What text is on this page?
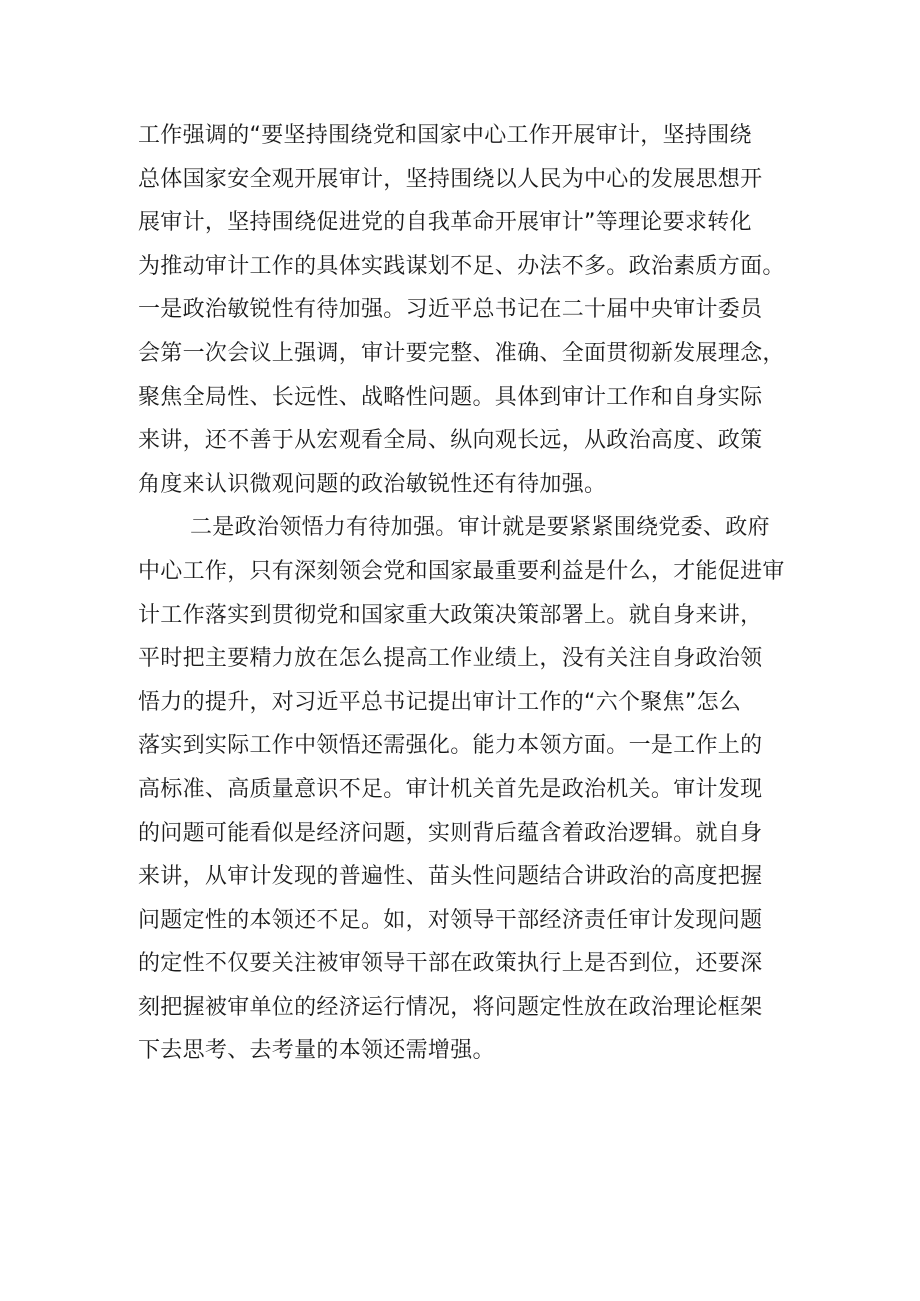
工作强调的“要坚持围绕党和国家中心工作开展审计，坚持围绕
总体国家安全观开展审计，坚持围绕以人民为中心的发展思想开
展审计，坚持围绕促进党的自我革命开展审计”等理论要求转化
为推动审计工作的具体实践谋划不足、办法不多。政治素质方面。
一是政治敏锐性有待加强。习近平总书记在二十届中央审计委员
会第一次会议上强调，审计要完整、准确、全面贯彻新发展理念，
聚焦全局性、长远性、战略性问题。具体到审计工作和自身实际
来讲，还不善于从宏观看全局、纵向观长远，从政治高度、政策
角度来认识微观问题的政治敏锐性还有待加强。
二是政治领悟力有待加强。审计就是要紧紧围绕党委、政府
中心工作，只有深刻领会党和国家最重要利益是什么，才能促进审
计工作落实到贯彻党和国家重大政策决策部署上。就自身来讲，
平时把主要精力放在怎么提高工作业绩上，没有关注自身政治领
悟力的提升，对习近平总书记提出审计工作的“六个聚焦”怎么
落实到实际工作中领悟还需强化。能力本领方面。一是工作上的
高标准、高质量意识不足。审计机关首先是政治机关。审计发现
的问题可能看似是经济问题，实则背后蕴含着政治逻辑。就自身
来讲，从审计发现的普遍性、苗头性问题结合讲政治的高度把握
问题定性的本领还不足。如，对领导干部经济责任审计发现问题
的定性不仅要关注被审领导干部在政策执行上是否到位，还要深
刻把握被审单位的经济运行情况，将问题定性放在政治理论框架
下去思考、去考量的本领还需增强。
